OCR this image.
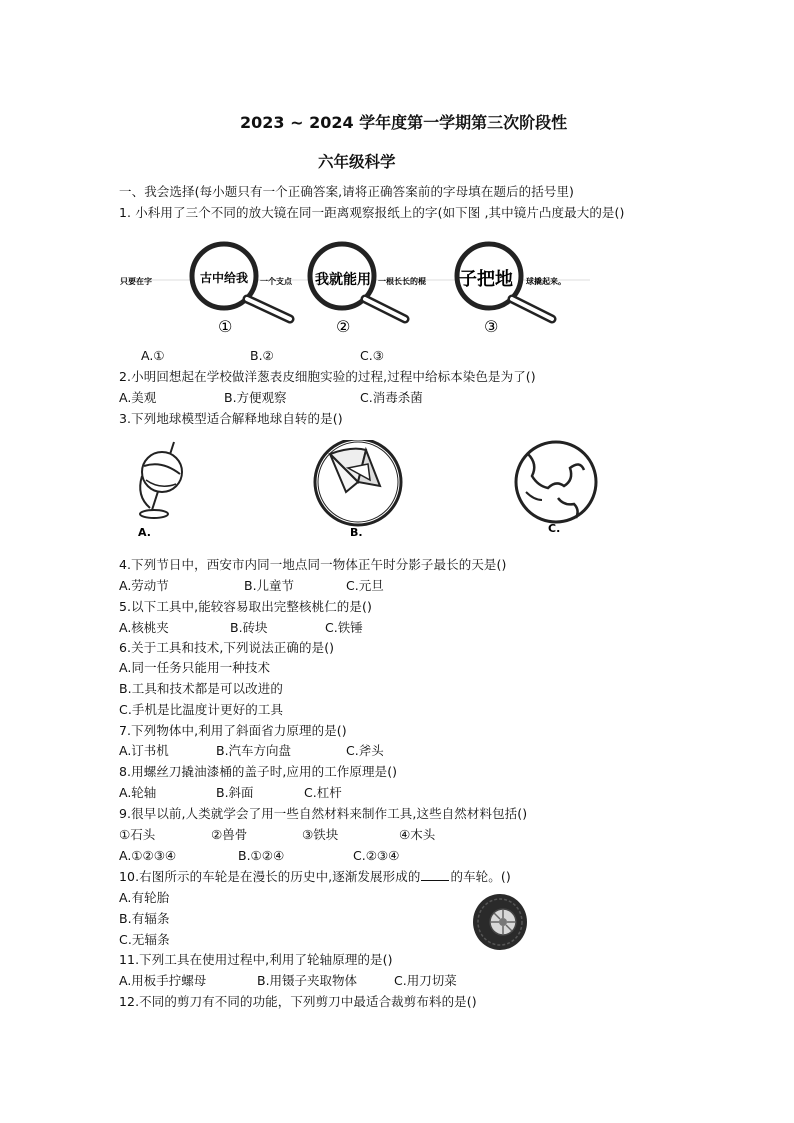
2023 ~ 2024 学年度第一学期第三次阶段性
六年级科学
一、我会选择(每小题只有一个正确答案,请将正确答案前的字母填在题后的括号里)
1. 小科用了三个不同的放大镜在同一距离观察报纸上的字(如下图 ,其中镜片凸度最大的是()
只要在字	古中给我 一个支点 我就能用 一根长长的棍 子把地 球撬起来。
①	②	③
A.①	B.②	C.③
2.小明回想起在学校做洋葱表皮细胞实验的过程,过程中给标本染色是为了()
A.美观	B.方便观察	C.消毒杀菌
3.下列地球模型适合解释地球自转的是()
A.	B.	C.
4.下列节日中，西安市内同一地点同一物体正午时分影子最长的天是()
A.劳动节	B.儿童节	C.元旦
5.以下工具中,能较容易取出完整核桃仁的是()
A.核桃夹	B.砖块	C.铁锤
6.关于工具和技术,下列说法正确的是()
A.同一任务只能用一种技术
B.工具和技术都是可以改进的
C.手机是比温度计更好的工具
7.下列物体中,利用了斜面省力原理的是()
A.订书机	B.汽车方向盘	C.斧头
8.用螺丝刀撬油漆桶的盖子时,应用的工作原理是()
A.轮轴	B.斜面	C.杠杆
9.很早以前,人类就学会了用一些自然材料来制作工具,这些自然材料包括()
①石头	②兽骨	③铁块	④木头
A.①②③④	B.①②④	C.②③④
10.右图所示的车轮是在漫长的历史中,逐渐发展形成的 的车轮。()
A.有轮胎
B.有辐条
C.无辐条
11.下列工具在使用过程中,利用了轮轴原理的是()
A.用板手拧螺母	B.用镊子夹取物体	C.用刀切菜
12.不同的剪刀有不同的功能，下列剪刀中最适合裁剪布料的是()
